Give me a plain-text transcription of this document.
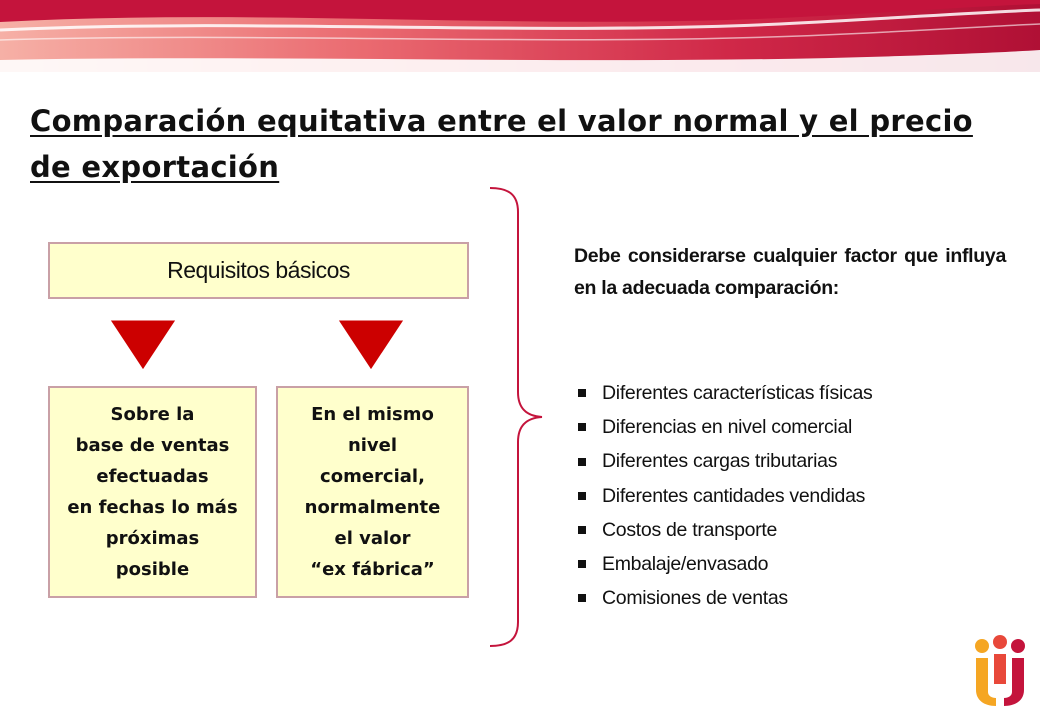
Comparación equitativa entre el valor normal y el precio de exportación
Requisitos básicos
Sobre la
base de ventas
efectuadas
en fechas lo más
próximas
posible
En el mismo
nivel
comercial,
normalmente
el valor
“ex fábrica”
Debe considerarse cualquier factor que influya en la adecuada comparación:
Diferentes características físicas
Diferencias en nivel comercial
Diferentes cargas tributarias
Diferentes cantidades vendidas
Costos de transporte
Embalaje/envasado
Comisiones de ventas
